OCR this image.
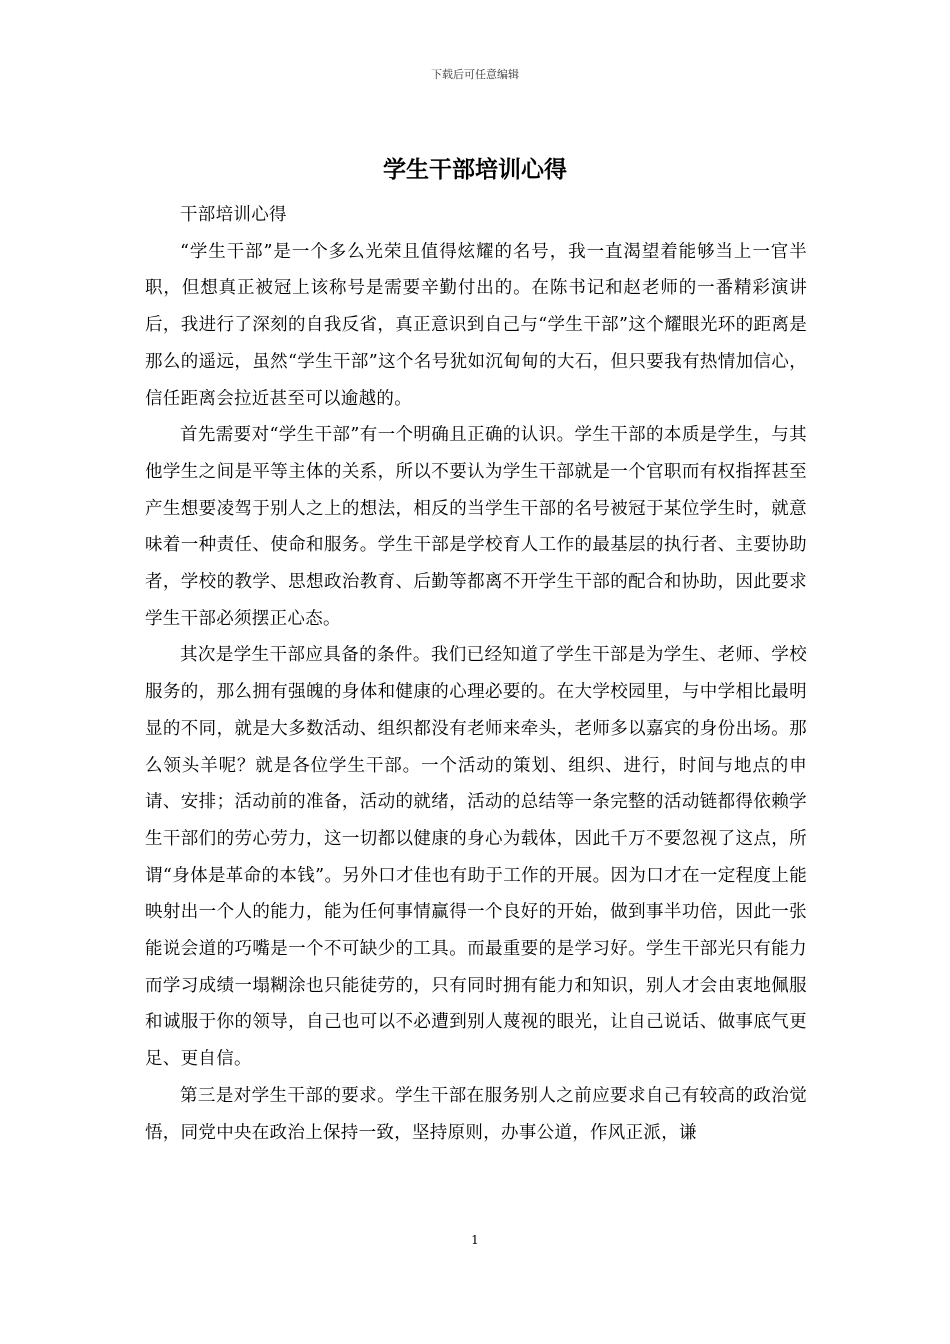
下载后可任意编辑
学生干部培训心得

干部培训心得

“学生干部”是一个多么光荣且值得炫耀的名号，我一直渴望着能够当上一官半职，但想真正被冠上该称号是需要辛勤付出的。在陈书记和赵老师的一番精彩演讲后，我进行了深刻的自我反省，真正意识到自己与“学生干部”这个耀眼光环的距离是那么的遥远，虽然“学生干部”这个名号犹如沉甸甸的大石，但只要我有热情加信心，信任距离会拉近甚至可以逾越的。

首先需要对“学生干部”有一个明确且正确的认识。学生干部的本质是学生，与其他学生之间是平等主体的关系，所以不要认为学生干部就是一个官职而有权指挥甚至产生想要凌驾于别人之上的想法，相反的当学生干部的名号被冠于某位学生时，就意味着一种责任、使命和服务。学生干部是学校育人工作的最基层的执行者、主要协助者，学校的教学、思想政治教育、后勤等都离不开学生干部的配合和协助，因此要求学生干部必须摆正心态。

其次是学生干部应具备的条件。我们已经知道了学生干部是为学生、老师、学校服务的，那么拥有强魄的身体和健康的心理必要的。在大学校园里，与中学相比最明显的不同，就是大多数活动、组织都没有老师来牵头，老师多以嘉宾的身份出场。那么领头羊呢？就是各位学生干部。一个活动的策划、组织、进行，时间与地点的申请、安排；活动前的准备，活动的就绪，活动的总结等一条完整的活动链都得依赖学生干部们的劳心劳力，这一切都以健康的身心为载体，因此千万不要忽视了这点，所谓“身体是革命的本钱”。另外口才佳也有助于工作的开展。因为口才在一定程度上能映射出一个人的能力，能为任何事情赢得一个良好的开始，做到事半功倍，因此一张能说会道的巧嘴是一个不可缺少的工具。而最重要的是学习好。学生干部光只有能力而学习成绩一塌糊涂也只能徒劳的，只有同时拥有能力和知识，别人才会由衷地佩服和诚服于你的领导，自己也可以不必遭到别人蔑视的眼光，让自己说话、做事底气更足、更自信。

第三是对学生干部的要求。学生干部在服务别人之前应要求自己有较高的政治觉悟，同党中央在政治上保持一致，坚持原则，办事公道，作风正派，谦

1
